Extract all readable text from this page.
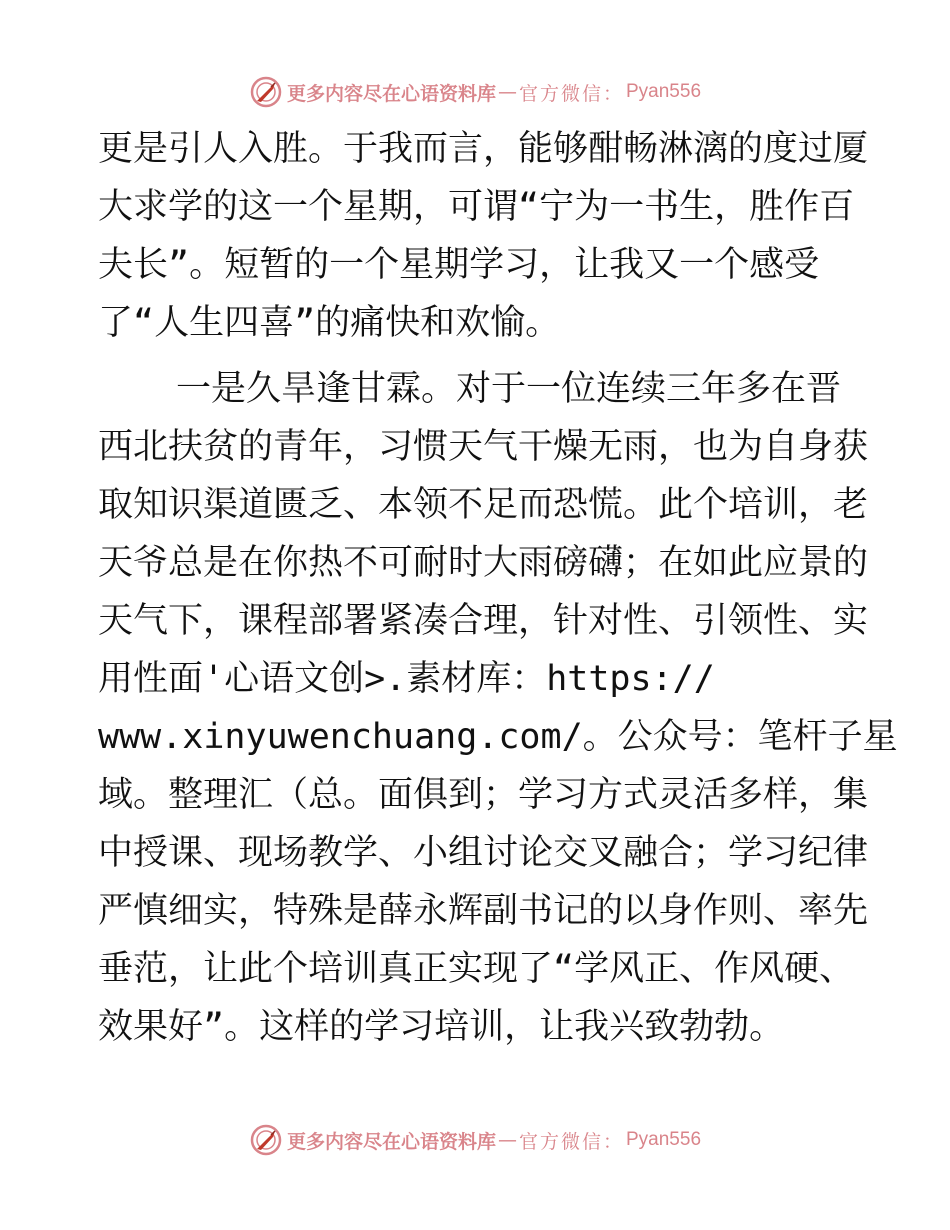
更多内容尽在心语资料库 — 官方微信： Pyan556

更是引人入胜。于我而言，能够酣畅淋漓的度过厦

大求学的这一个星期，可谓“宁为一书生，胜作百

夫长”。短暂的一个星期学习，让我又一个感受

了“人生四喜”的痛快和欢愉。

一是久旱逢甘霖。对于一位连续三年多在晋

西北扶贫的青年，习惯天气干燥无雨，也为自身获

取知识渠道匮乏、本领不足而恐慌。此个培训，老

天爷总是在你热不可耐时大雨磅礴；在如此应景的

天气下，课程部署紧凑合理，针对性、引领性、实

用性面'心语文创>.素材库：https://

www.xinyuwenchuang.com/。公众号：笔杆子星

域。整理汇（总。面俱到；学习方式灵活多样，集

中授课、现场教学、小组讨论交叉融合；学习纪律

严慎细实，特殊是薛永辉副书记的以身作则、率先

垂范，让此个培训真正实现了“学风正、作风硬、

效果好”。这样的学习培训，让我兴致勃勃。

更多内容尽在心语资料库 — 官方微信： Pyan556
